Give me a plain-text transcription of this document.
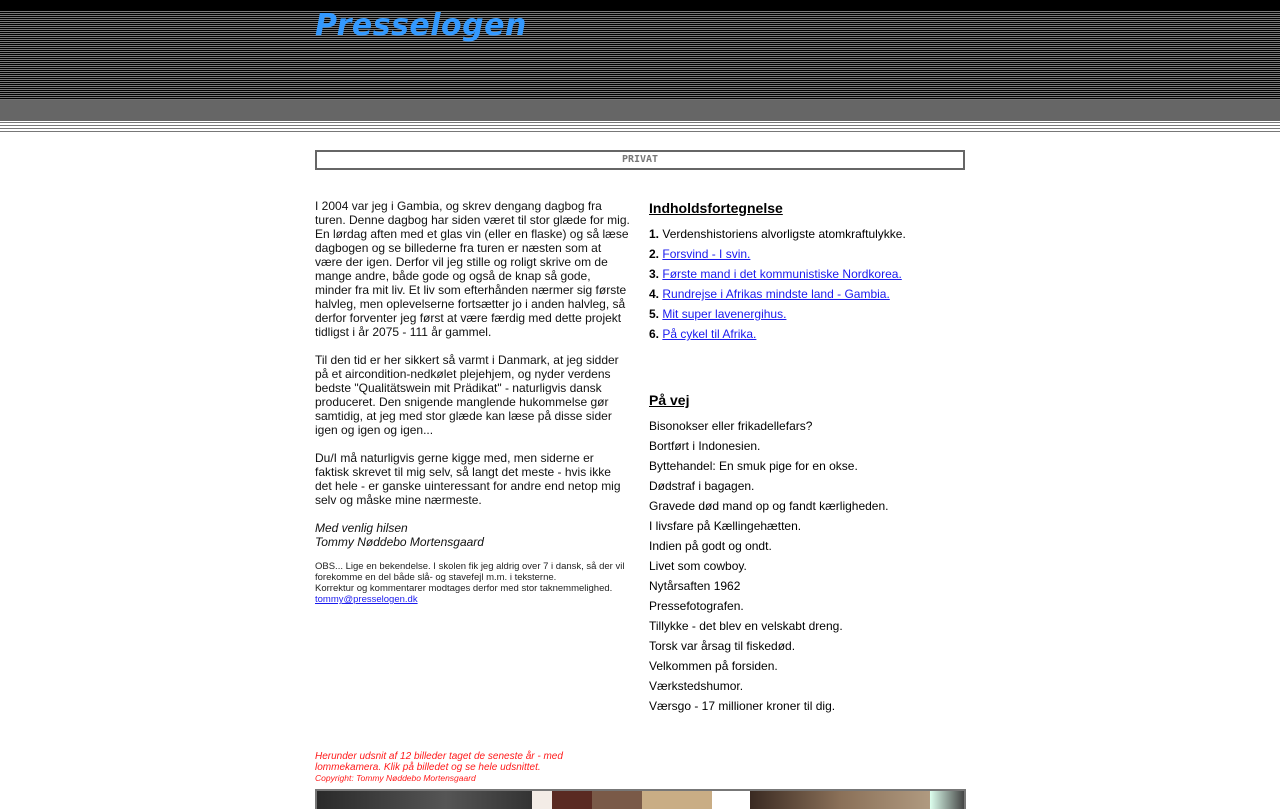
Presselogen
PRIVAT

I 2004 var jeg i Gambia, og skrev dengang dagbog fra turen. Denne dagbog har siden været til stor glæde for mig. En lørdag aften med et glas vin (eller en flaske) og så læse dagbogen og se billederne fra turen er næsten som at være der igen. Derfor vil jeg stille og roligt skrive om de mange andre, både gode og også de knap så gode, minder fra mit liv. Et liv som efterhånden nærmer sig første halvleg, men oplevelserne fortsætter jo i anden halvleg, så derfor forventer jeg først at være færdig med dette projekt tidligst i år 2075 - 111 år gammel.

Til den tid er her sikkert så varmt i Danmark, at jeg sidder på et aircondition-nedkølet plejehjem, og nyder verdens bedste "Qualitätswein mit Prädikat" - naturligvis dansk produceret. Den snigende manglende hukommelse gør samtidig, at jeg med stor glæde kan læse på disse sider igen og igen og igen...

Du/I må naturligvis gerne kigge med, men siderne er faktisk skrevet til mig selv, så langt det meste - hvis ikke det hele - er ganske uinteressant for andre end netop mig selv og måske mine nærmeste.

Med venlig hilsen
Tommy Nøddebo Mortensgaard

OBS... Lige en bekendelse. I skolen fik jeg aldrig over 7 i dansk, så der vil forekomme en del både slå- og stavefejl m.m. i teksterne.
Korrektur og kommentarer modtages derfor med stor taknemmelighed.
tommy@presselogen.dk
Indholdsfortegnelse
1. Verdenshistoriens alvorligste atomkraftulykke.
2. Forsvind - I svin.
3. Første mand i det kommunistiske Nordkorea.
4. Rundrejse i Afrikas mindste land - Gambia.
5. Mit super lavenergihus.
6. På cykel til Afrika.
På vej
Bisonokser eller frikadellefars?
Bortført i Indonesien.
Byttehandel: En smuk pige for en okse.
Dødstraf i bagagen.
Gravede død mand op og fandt kærligheden.
I livsfare på Kællingehætten.
Indien på godt og ondt.
Livet som cowboy.
Nytårsaften 1962
Pressefotografen.
Tillykke - det blev en velskabt dreng.
Torsk var årsag til fiskedød.
Velkommen på forsiden.
Værkstedshumor.
Værsgo - 17 millioner kroner til dig.
Herunder udsnit af 12 billeder taget de seneste år - med lommekamera. Klik på billedet og se hele udsnittet.
Copyright: Tommy Nøddebo Mortensgaard
